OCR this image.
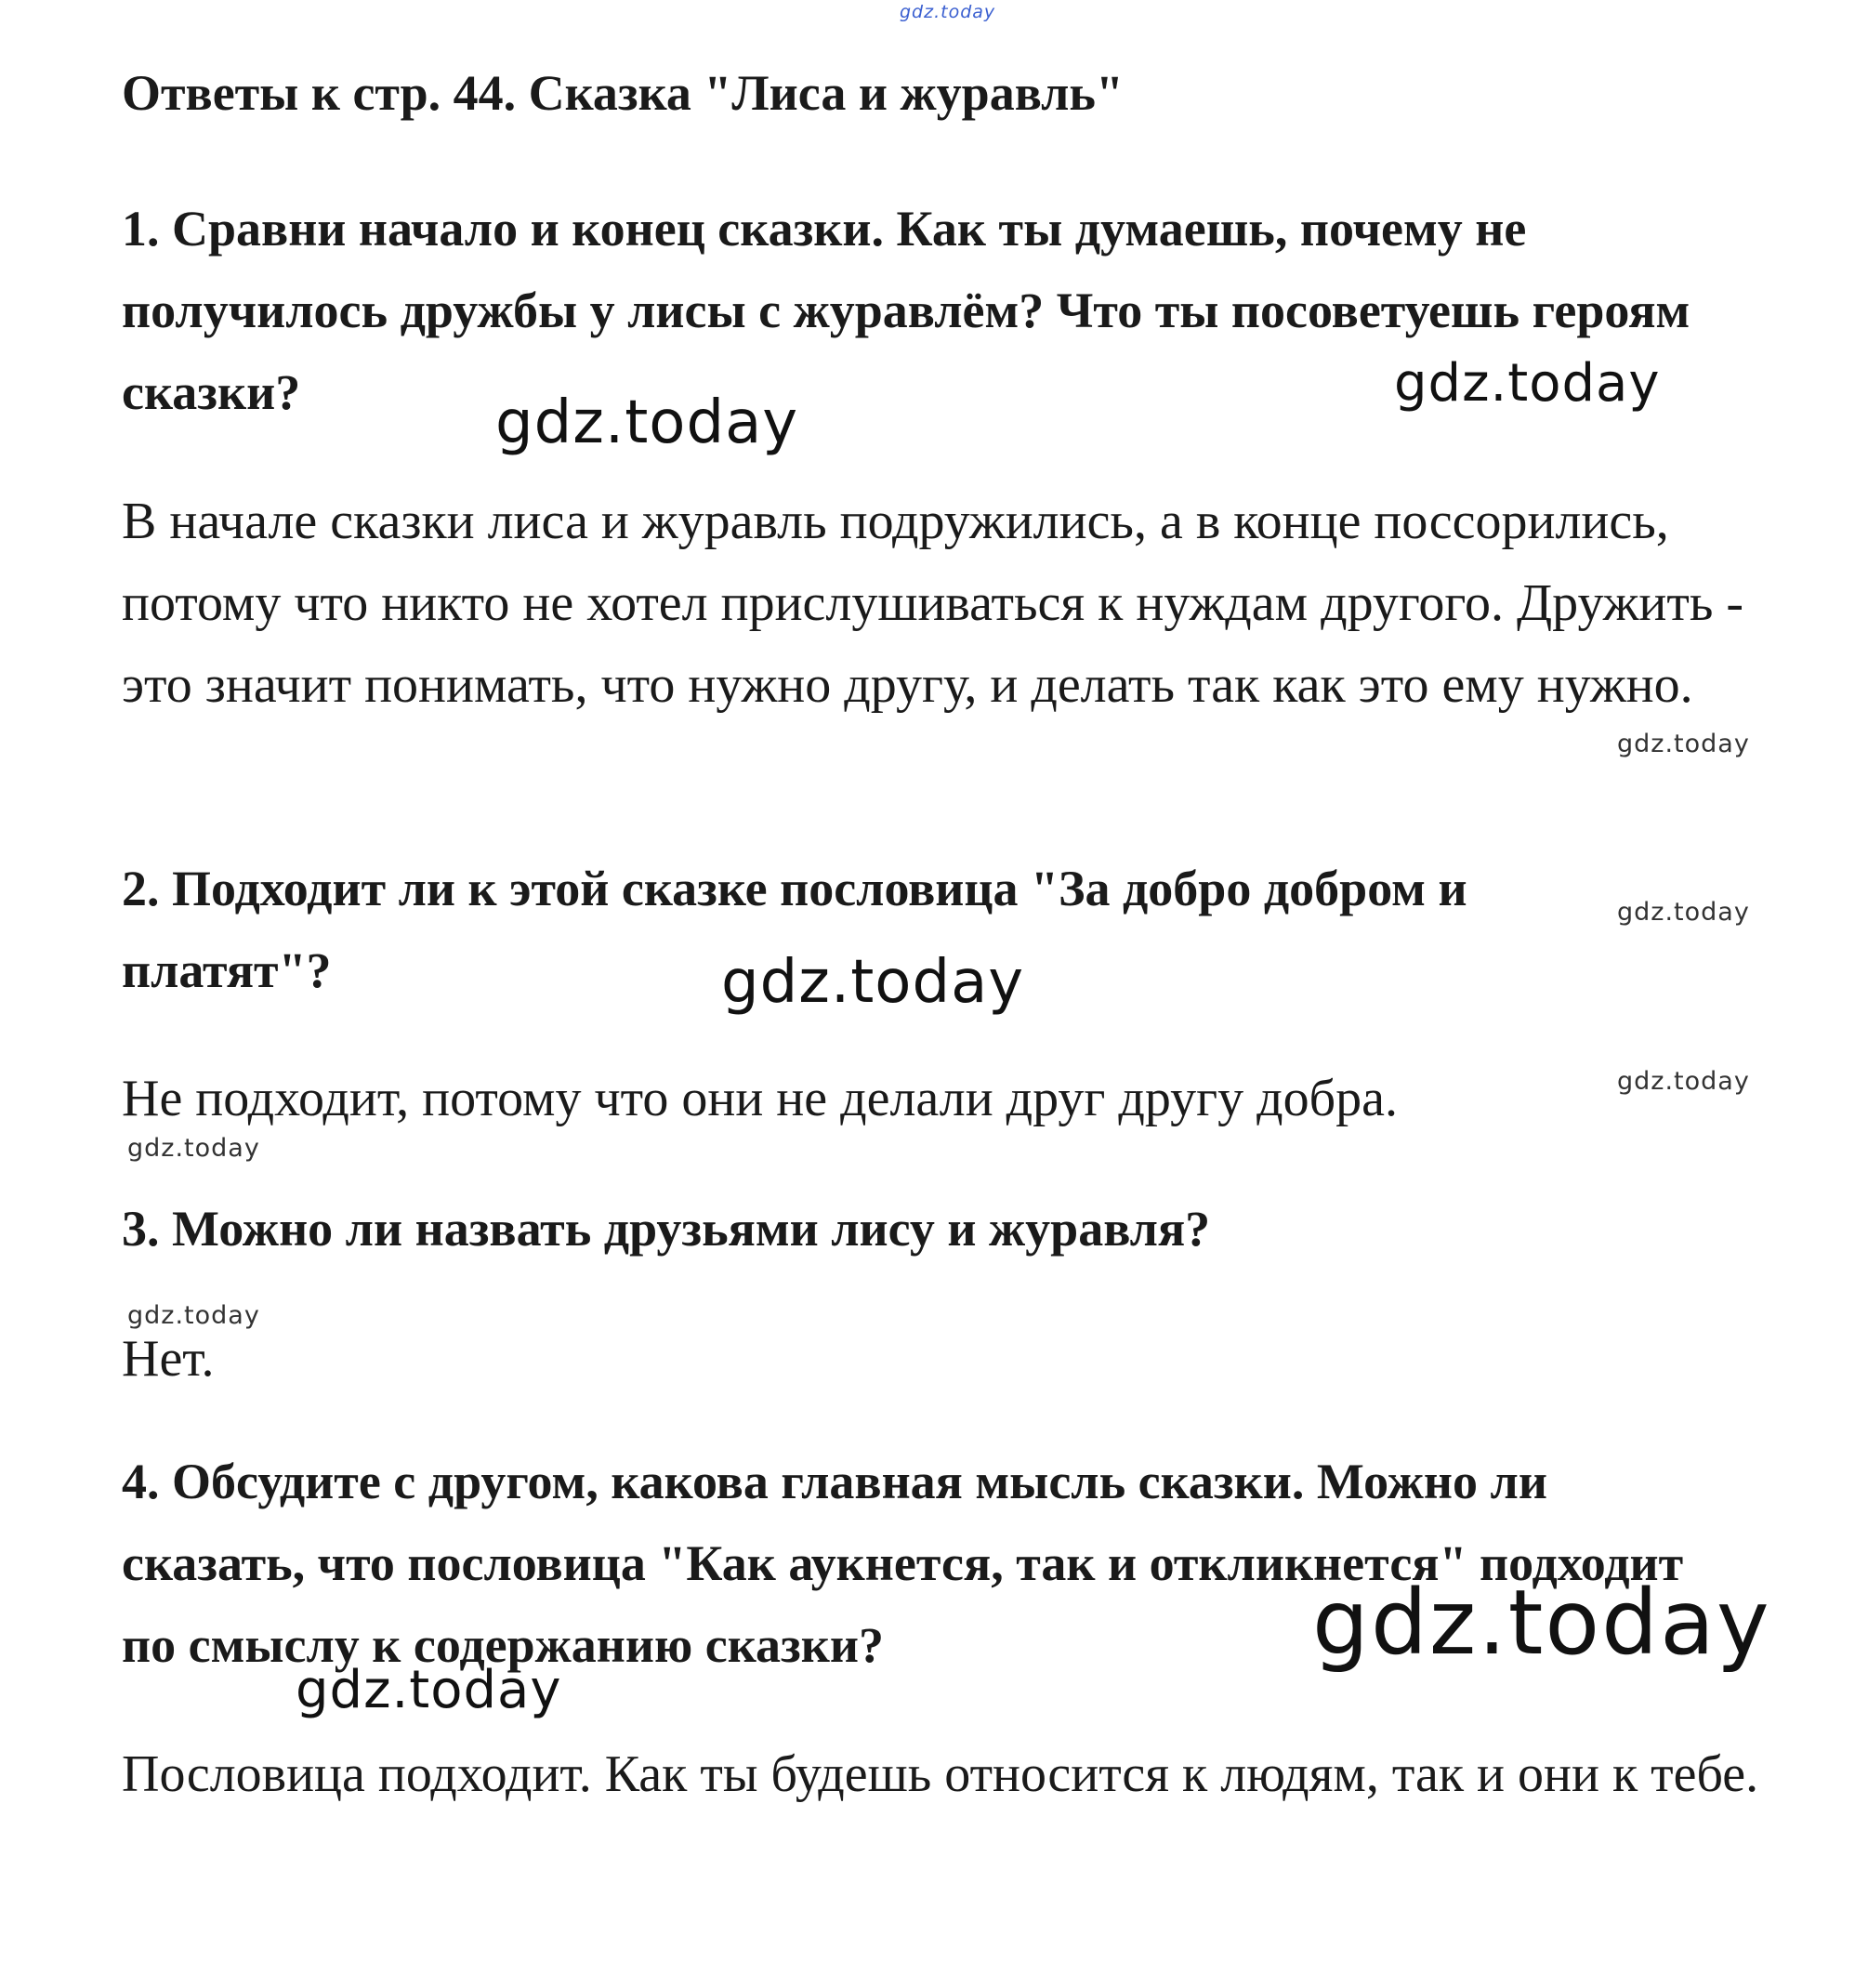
gdz.today
Ответы к стр. 44. Сказка "Лиса и журавль"

1. Сравни начало и конец сказки. Как ты думаешь, почему не получилось дружбы у лисы с журавлём? Что ты посоветуешь героям сказки?

В начале сказки лиса и журавль подружились, а в конце поссорились, потому что никто не хотел прислушиваться к нуждам другого. Дружить - это значит понимать, что нужно другу, и делать так как это ему нужно.

2. Подходит ли к этой сказке пословица "За добро добром и платят"?

Не подходит, потому что они не делали друг другу добра.

3. Можно ли назвать друзьями лису и журавля?

Нет.

4. Обсудите с другом, какова главная мысль сказки. Можно ли сказать, что пословица "Как аукнется, так и откликнется" подходит по смыслу к содержанию сказки?

Пословица подходит. Как ты будешь относится к людям, так и они к тебе.

gdz.today
gdz.today
gdz.today
gdz.today
gdz.today
gdz.today
gdz.today
gdz.today
gdz.today
gdz.today
